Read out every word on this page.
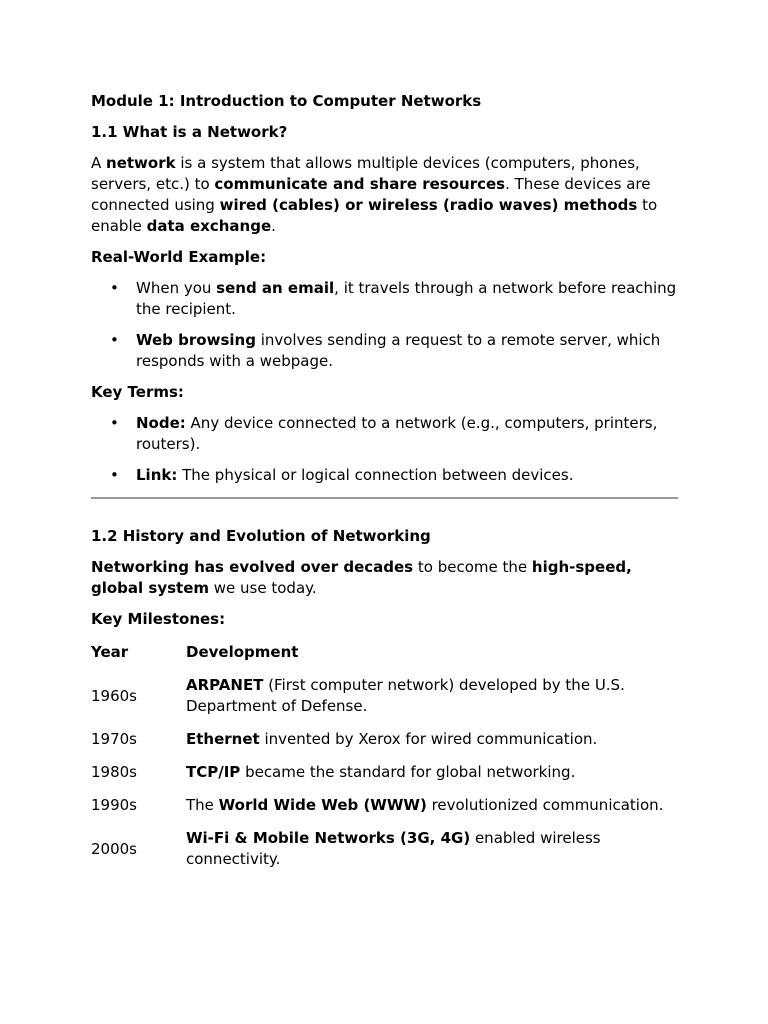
Module 1: Introduction to Computer Networks
1.1 What is a Network?

A network is a system that allows multiple devices (computers, phones, servers, etc.) to communicate and share resources. These devices are connected using wired (cables) or wireless (radio waves) methods to enable data exchange.

Real-World Example:
• When you send an email, it travels through a network before reaching the recipient.
• Web browsing involves sending a request to a remote server, which responds with a webpage.
Key Terms:
• Node: Any device connected to a network (e.g., computers, printers, routers).
• Link: The physical or logical connection between devices.
1.2 History and Evolution of Networking

Networking has evolved over decades to become the high-speed, global system we use today.

Key Milestones:
Year	Development
1960s	ARPANET (First computer network) developed by the U.S. Department of Defense.
1970s	Ethernet invented by Xerox for wired communication.
1980s	TCP/IP became the standard for global networking.
1990s	The World Wide Web (WWW) revolutionized communication.
2000s	Wi-Fi & Mobile Networks (3G, 4G) enabled wireless connectivity.
